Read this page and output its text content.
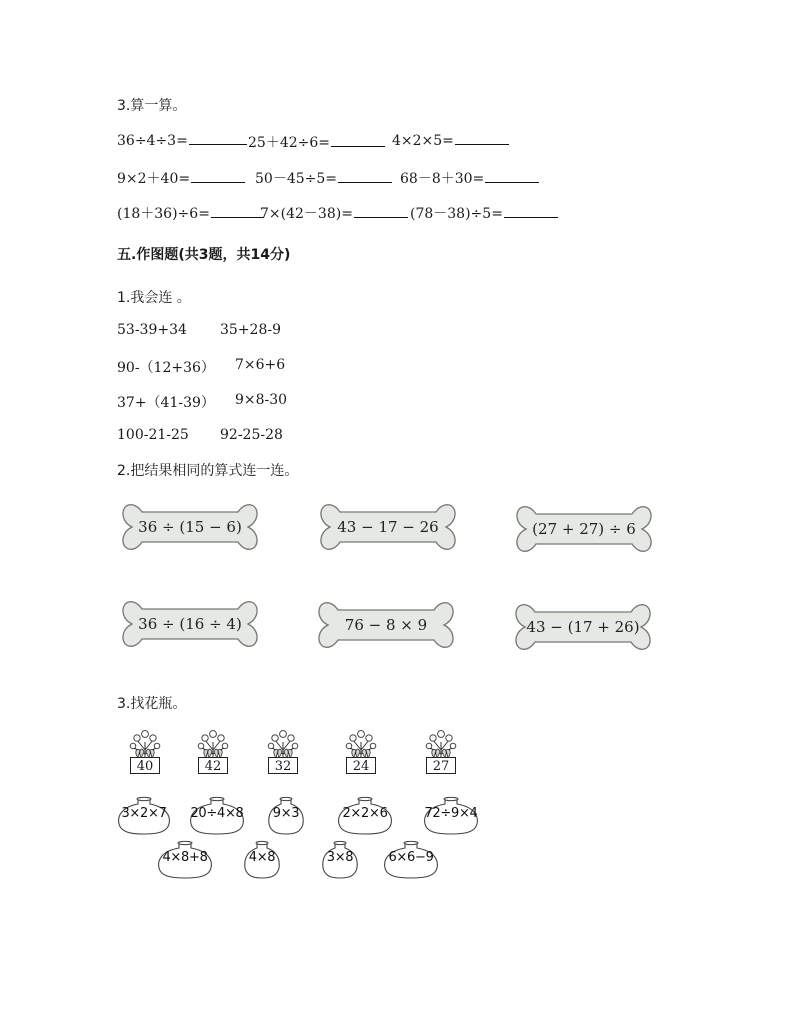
3.算一算。
36÷4÷3=	25＋42÷6=	4×2×5=
9×2＋40=	50－45÷5=	68－8＋30=
(18＋36)÷6=	7×(42－38)=	(78－38)÷5=
五.作图题(共3题，共14分)
1.我会连 。
53-39+34 35+28-9
90-（12+36） 7×6+6
37+（41-39） 9×8-30
100-21-25 92-25-28
2.把结果相同的算式连一连。
36 ÷ (15 − 6)	43 − 17 − 26	(27 + 27) ÷ 6
36 ÷ (16 ÷ 4)	76 − 8 × 9	43 − (17 + 26)
3.找花瓶。
40	42	32	24	27
3×2×7	20÷4×8	9×3	2×2×6	72÷9×4
4×8+8	4×8	3×8	6×6−9
